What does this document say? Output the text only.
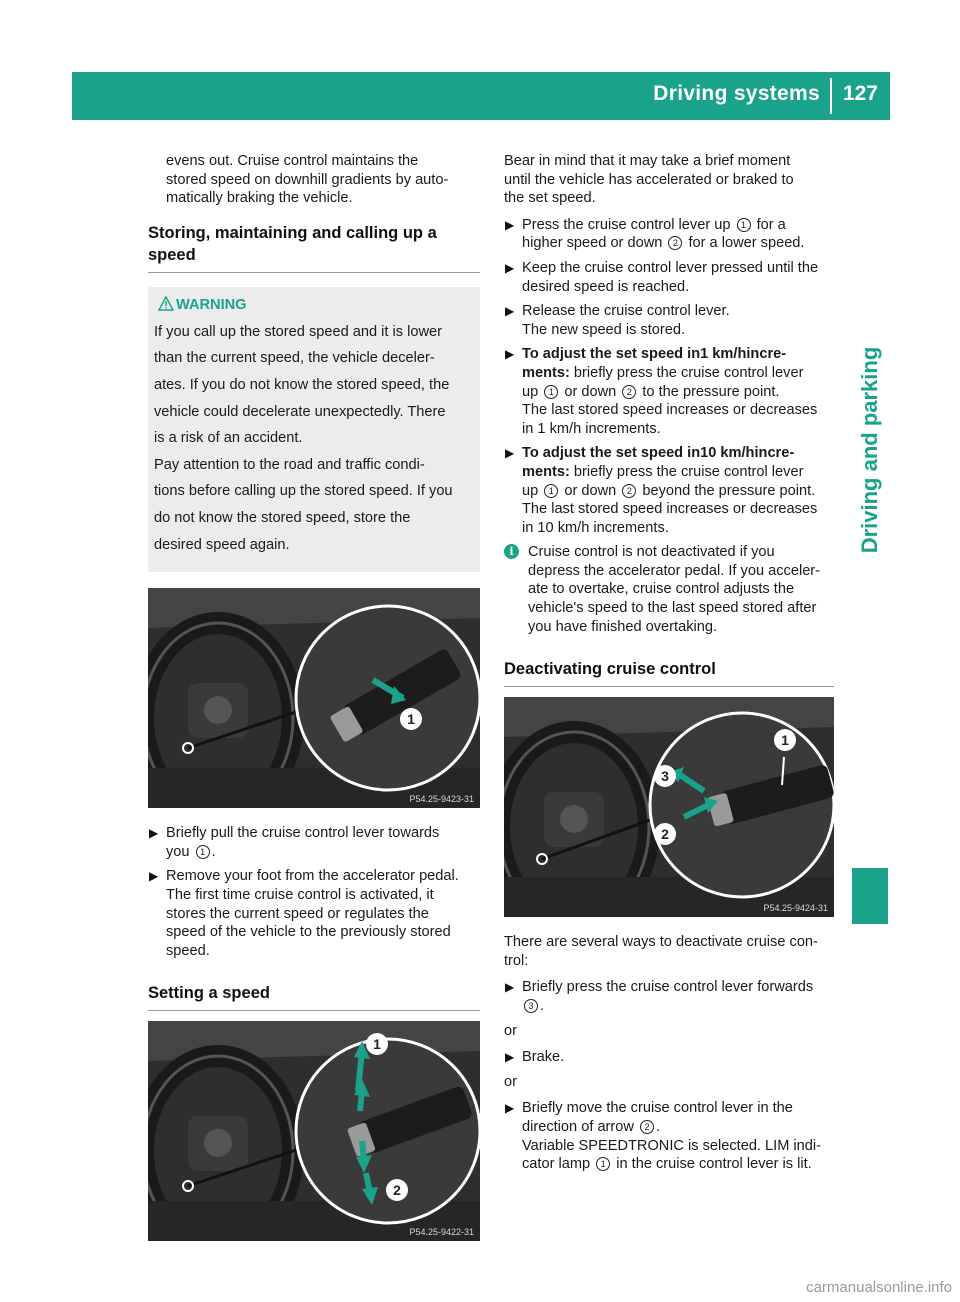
Driving systems 127
Driving and parking

evens out. Cruise control maintains the

stored speed on downhill gradients by auto-

matically braking the vehicle.

Storing, maintaining and calling up a
speed
WARNING

If you call up the stored speed and it is lower

than the current speed, the vehicle deceler-

ates. If you do not know the stored speed, the

vehicle could decelerate unexpectedly. There

is a risk of an accident.

Pay attention to the road and traffic condi-

tions before calling up the stored speed. If you

do not know the stored speed, store the

desired speed again.

1
P54.25-9423-31
▶ Briefly pull the cruise control lever towards
you 1 .
▶ Remove your foot from the accelerator pedal.
The first time cruise control is activated, it
stores the current speed or regulates the
speed of the vehicle to the previously stored
speed.
Setting a speed
1
2
P54.25-9422-31

Bear in mind that it may take a brief moment

until the vehicle has accelerated or braked to

the set speed.

▶ Press the cruise control lever up 1 for a
higher speed or down 2 for a lower speed.
▶ Keep the cruise control lever pressed until the
desired speed is reached.
▶ Release the cruise control lever.
The new speed is stored.
▶ To adjust the set speed in1 km/hincre-
ments: briefly press the cruise control lever
up 1 or down 2 to the pressure point.
The last stored speed increases or decreases
in 1 km/h increments.
▶ To adjust the set speed in10 km/hincre-
ments: briefly press the cruise control lever
up 1 or down 2 beyond the pressure point.
The last stored speed increases or decreases
in 10 km/h increments.
i Cruise control is not deactivated if you
depress the accelerator pedal. If you acceler-
ate to overtake, cruise control adjusts the
vehicle's speed to the last speed stored after
you have finished overtaking.
Deactivating cruise control
1
2
3
P54.25-9424-31

There are several ways to deactivate cruise con-

trol:

▶ Briefly press the cruise control lever forwards
3 .

or

▶ Brake.

or

▶ Briefly move the cruise control lever in the
direction of arrow 2 .
Variable SPEEDTRONIC is selected. LIM indi-
cator lamp 1 in the cruise control lever is lit.
carmanualsonline.info
